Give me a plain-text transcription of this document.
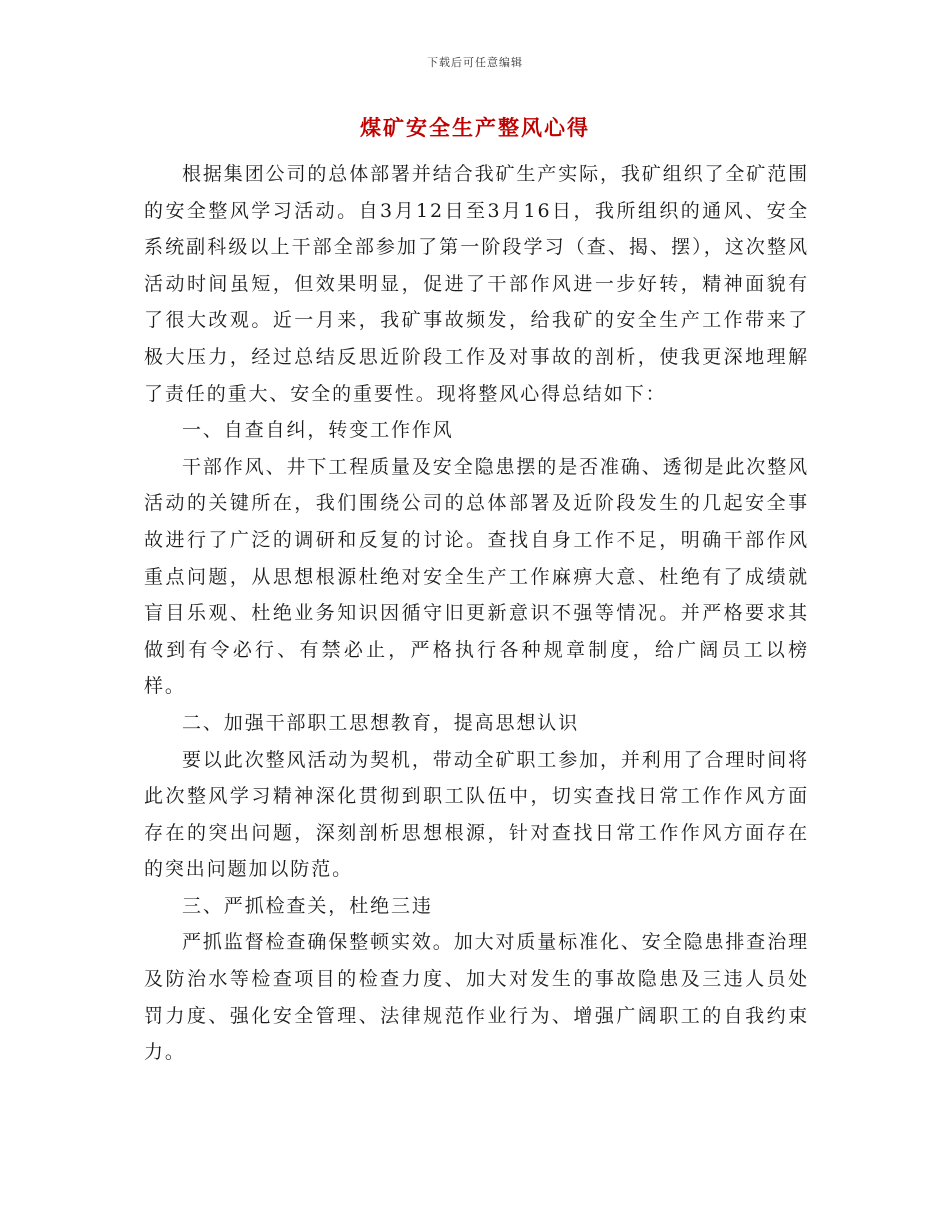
下载后可任意编辑
煤矿安全生产整风心得

根据集团公司的总体部署并结合我矿生产实际，我矿组织了全矿范围的安全整风学习活动。自3月12日至3月16日，我所组织的通风、安全系统副科级以上干部全部参加了第一阶段学习（查、揭、摆），这次整风活动时间虽短，但效果明显，促进了干部作风进一步好转，精神面貌有了很大改观。近一月来，我矿事故频发，给我矿的安全生产工作带来了极大压力，经过总结反思近阶段工作及对事故的剖析，使我更深地理解了责任的重大、安全的重要性。现将整风心得总结如下：

一、自查自纠，转变工作作风

干部作风、井下工程质量及安全隐患摆的是否准确、透彻是此次整风活动的关键所在，我们围绕公司的总体部署及近阶段发生的几起安全事故进行了广泛的调研和反复的讨论。查找自身工作不足，明确干部作风重点问题，从思想根源杜绝对安全生产工作麻痹大意、杜绝有了成绩就盲目乐观、杜绝业务知识因循守旧更新意识不强等情况。并严格要求其做到有令必行、有禁必止，严格执行各种规章制度，给广阔员工以榜样。

二、加强干部职工思想教育，提高思想认识

要以此次整风活动为契机，带动全矿职工参加，并利用了合理时间将此次整风学习精神深化贯彻到职工队伍中，切实查找日常工作作风方面存在的突出问题，深刻剖析思想根源，针对查找日常工作作风方面存在的突出问题加以防范。

三、严抓检查关，杜绝三违

严抓监督检查确保整顿实效。加大对质量标准化、安全隐患排查治理及防治水等检查项目的检查力度、加大对发生的事故隐患及三违人员处罚力度、强化安全管理、法律规范作业行为、增强广阔职工的自我约束力。
